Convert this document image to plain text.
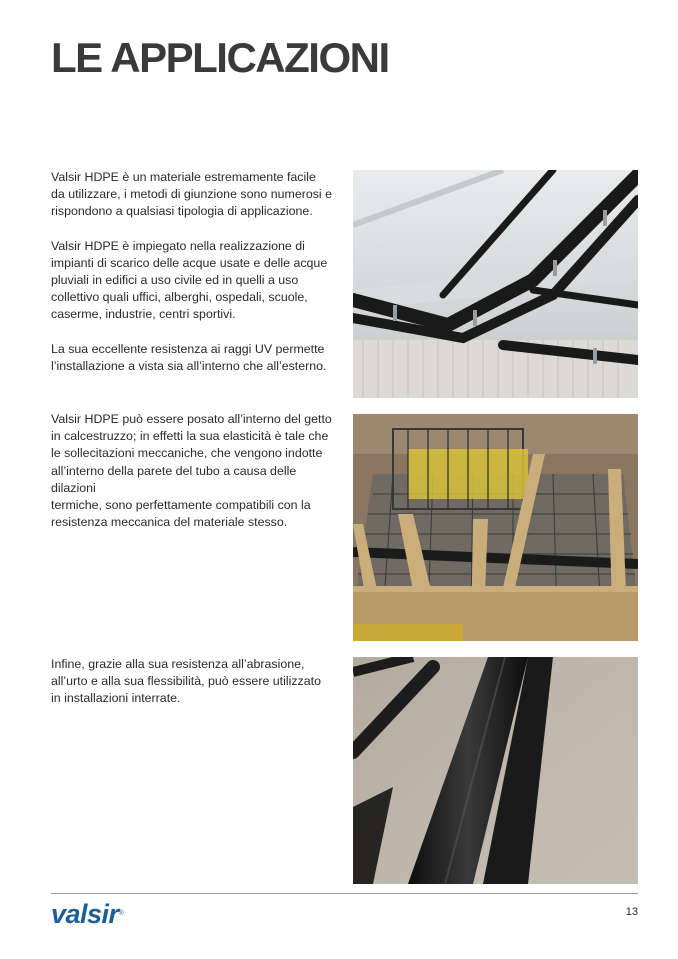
LE APPLICAZIONI

Valsir HDPE è un materiale estremamente facile
da utilizzare, i metodi di giunzione sono numerosi e
rispondono a qualsiasi tipologia di applicazione.

Valsir HDPE è impiegato nella realizzazione di
impianti di scarico delle acque usate e delle acque
pluviali in edifici a uso civile ed in quelli a uso
collettivo quali uffici, alberghi, ospedali, scuole,
caserme, industrie, centri sportivi.

La sua eccellente resistenza ai raggi UV permette
l’installazione a vista sia all’interno che all’esterno.

Valsir HDPE può essere posato all’interno del getto
in calcestruzzo; in effetti la sua elasticità è tale che
le sollecitazioni meccaniche, che vengono indotte
all’interno della parete del tubo a causa delle dilazioni
termiche, sono perfettamente compatibili con la
resistenza meccanica del materiale stesso.

Infine, grazie alla sua resistenza all’abrasione,
all’urto e alla sua flessibilità, può essere utilizzato
in installazioni interrate.

valsir®	13
